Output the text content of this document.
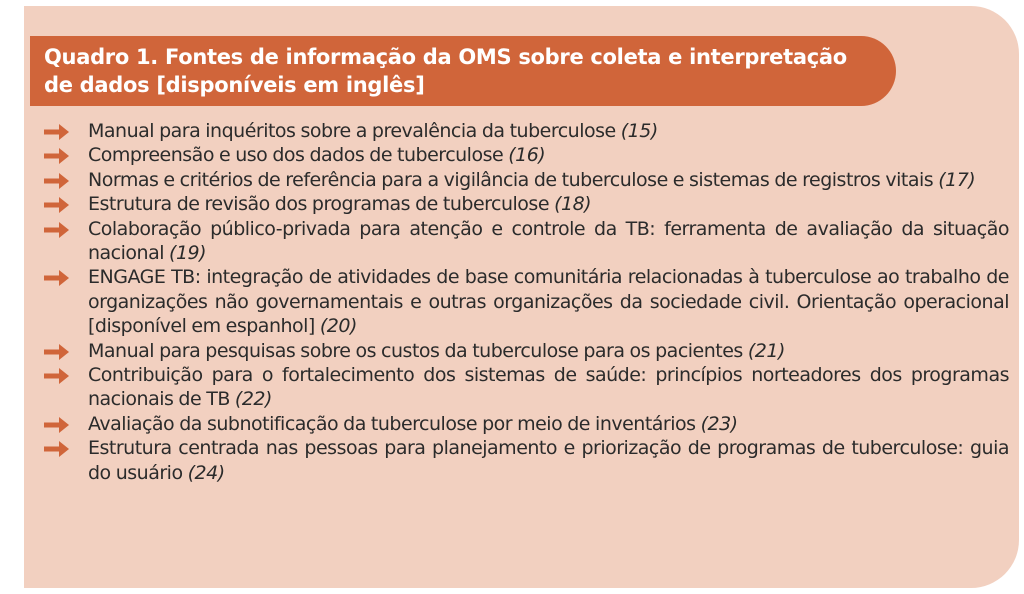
Quadro 1. Fontes de informação da OMS sobre coleta e interpretação
de dados [disponíveis em inglês]
Manual para inquéritos sobre a prevalência da tuberculose (15)
Compreensão e uso dos dados de tuberculose (16)
Normas e critérios de referência para a vigilância de tuberculose e sistemas de registros vitais (17)
Estrutura de revisão dos programas de tuberculose (18)
Colaboração público-privada para atenção e controle da TB: ferramenta de avaliação da situação nacional (19)
ENGAGE TB: integração de atividades de base comunitária relacionadas à tuberculose ao trabalho de organizações não governamentais e outras organizações da sociedade civil. Orientação operacional [disponível em espanhol] (20)
Manual para pesquisas sobre os custos da tuberculose para os pacientes (21)
Contribuição para o fortalecimento dos sistemas de saúde: princípios norteadores dos programas nacionais de TB (22)
Avaliação da subnotificação da tuberculose por meio de inventários (23)
Estrutura centrada nas pessoas para planejamento e priorização de programas de tuberculose: guia do usuário (24)
